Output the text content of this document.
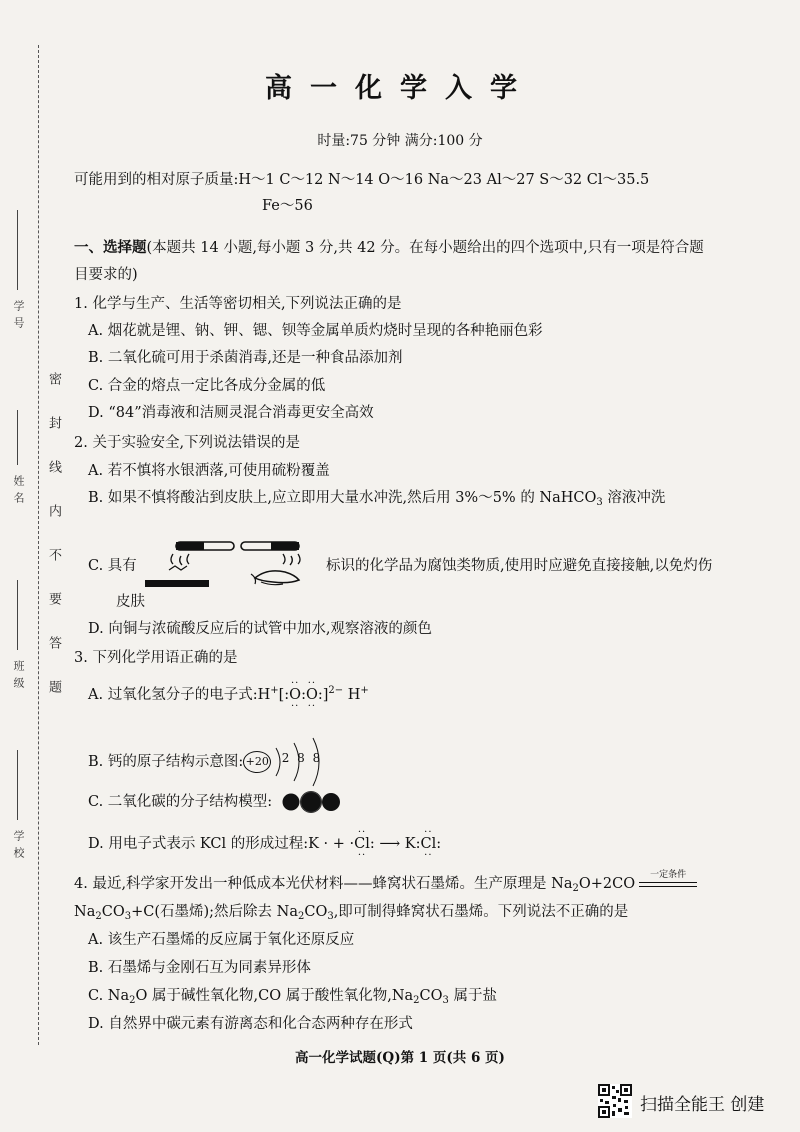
密封线内不要答题
学号
姓名
班级
学校
高一化学入学
时量:75 分钟 满分:100 分
可能用到的相对原子质量:H～1 C～12 N～14 O～16 Na～23 Al～27 S～32 Cl～35.5
Fe～56
一、选择题(本题共 14 小题,每小题 3 分,共 42 分。在每小题给出的四个选项中,只有一项是符合题
目要求的)
1. 化学与生产、生活等密切相关,下列说法正确的是
A. 烟花就是锂、钠、钾、锶、钡等金属单质灼烧时呈现的各种艳丽色彩
B. 二氧化硫可用于杀菌消毒,还是一种食品添加剂
C. 合金的熔点一定比各成分金属的低
D. “84”消毒液和洁厕灵混合消毒更安全高效
2. 关于实验安全,下列说法错误的是
A. 若不慎将水银洒落,可使用硫粉覆盖
B. 如果不慎将酸沾到皮肤上,应立即用大量水冲洗,然后用 3%～5% 的 NaHCO$_3$ 溶液冲洗
C. 具有	标识的化学品为腐蚀类物质,使用时应避免直接接触,以免灼伤
皮肤
D. 向铜与浓硫酸反应后的试管中加水,观察溶液的颜色
3. 下列化学用语正确的是
A. 过氧化氢分子的电子式:H+[:·· O ··:·· O ··:]$^{2-}$ H+
B. 钙的原子结构示意图: +20 $^{2 8 8}$
C. 二氧化碳的分子结构模型:
D. 用电子式表示 KCl 的形成过程:K · + ··· Cl ··: ⟶ K:·· Cl ··:
4. 最近,科学家开发出一种低成本光伏材料——蜂窝状石墨烯。生产原理是 $Na_2O+2CO$
一定条件
$Na_2CO_3+C$(石墨烯);然后除去 $Na_2CO_3$,即可制得蜂窝状石墨烯。下列说法不正确的是
A. 该生产石墨烯的反应属于氧化还原反应
B. 石墨烯与金刚石互为同素异形体
C. $Na_2O$ 属于碱性氧化物,CO 属于酸性氧化物$,Na_2CO_3$ 属于盐
D. 自然界中碳元素有游离态和化合态两种存在形式
高一化学试题(Q)第 1 页(共 6 页)
扫描全能王 创建
